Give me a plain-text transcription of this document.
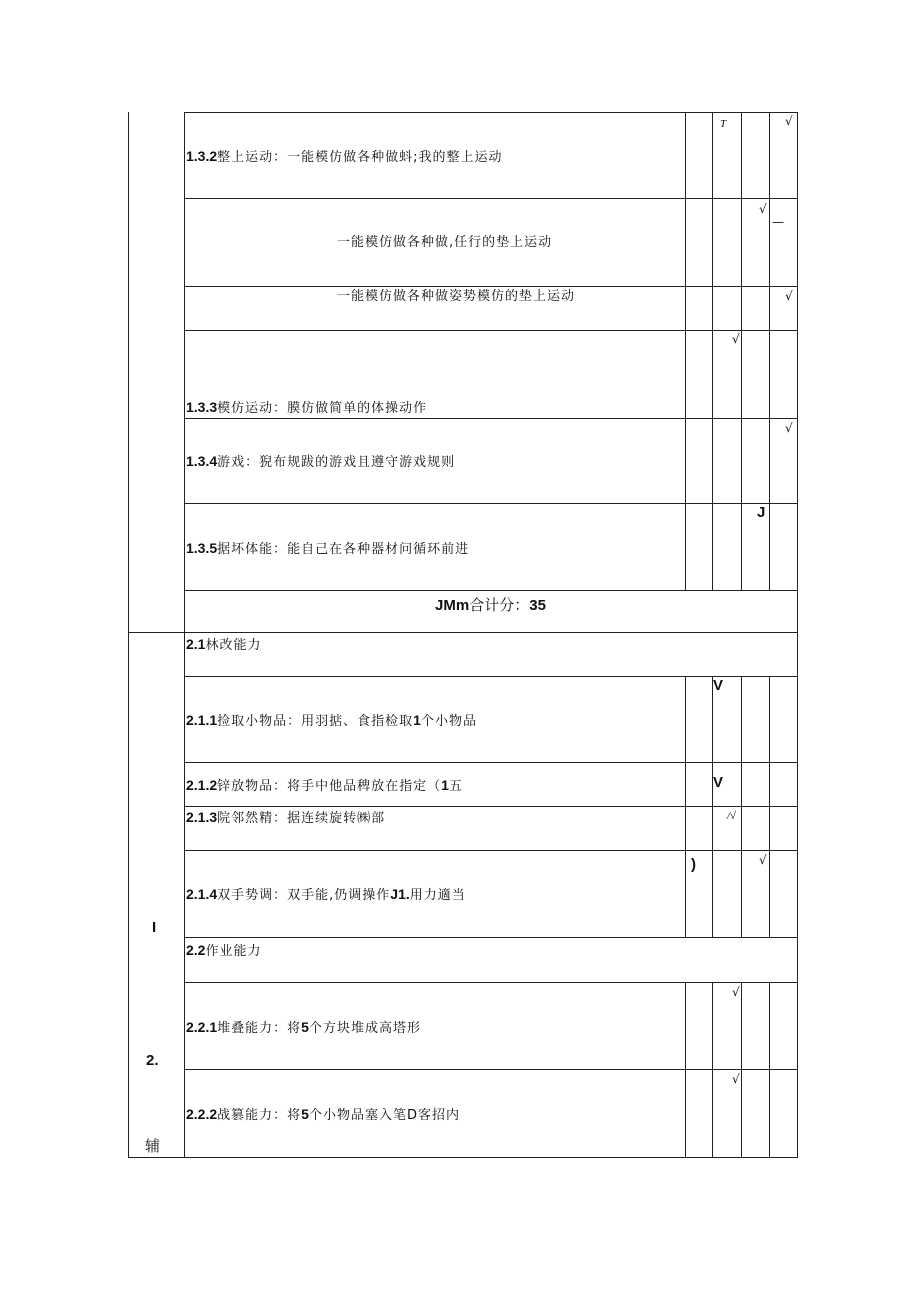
1.3.2整上运动：一能模仿做各种做蚪;我的整上运动
一能模仿做各种做,任行的垫上运动
一能模仿做各种做姿势模仿的垫上运动
1.3.3模仿运动：膜仿做简单的体操动作
1.3.4游戏：猊布规跋的游戏且遵守游戏规则
1.3.5据坏体能：能自己在各种器材问循环前进
JMm合计分：35
2.1林改能力
2.1.1捡取小物品：用羽掂、食指检取1个小物品
2.1.2锌放物品：将手中他品稗放在指定（1五
2.1.3院邻然精：据连续旋转㈱部
2.1.4双手势调：双手能,仍调操作J1.用力適当
2.2作业能力
2.2.1堆叠能力：将5个方块堆成高塔形
2.2.2战篡能力：将5个小物品塞入笔D客招内
I
2.
辅
T	√
√
—
√
√
√
J
V
V
/√
)	√
√
√
